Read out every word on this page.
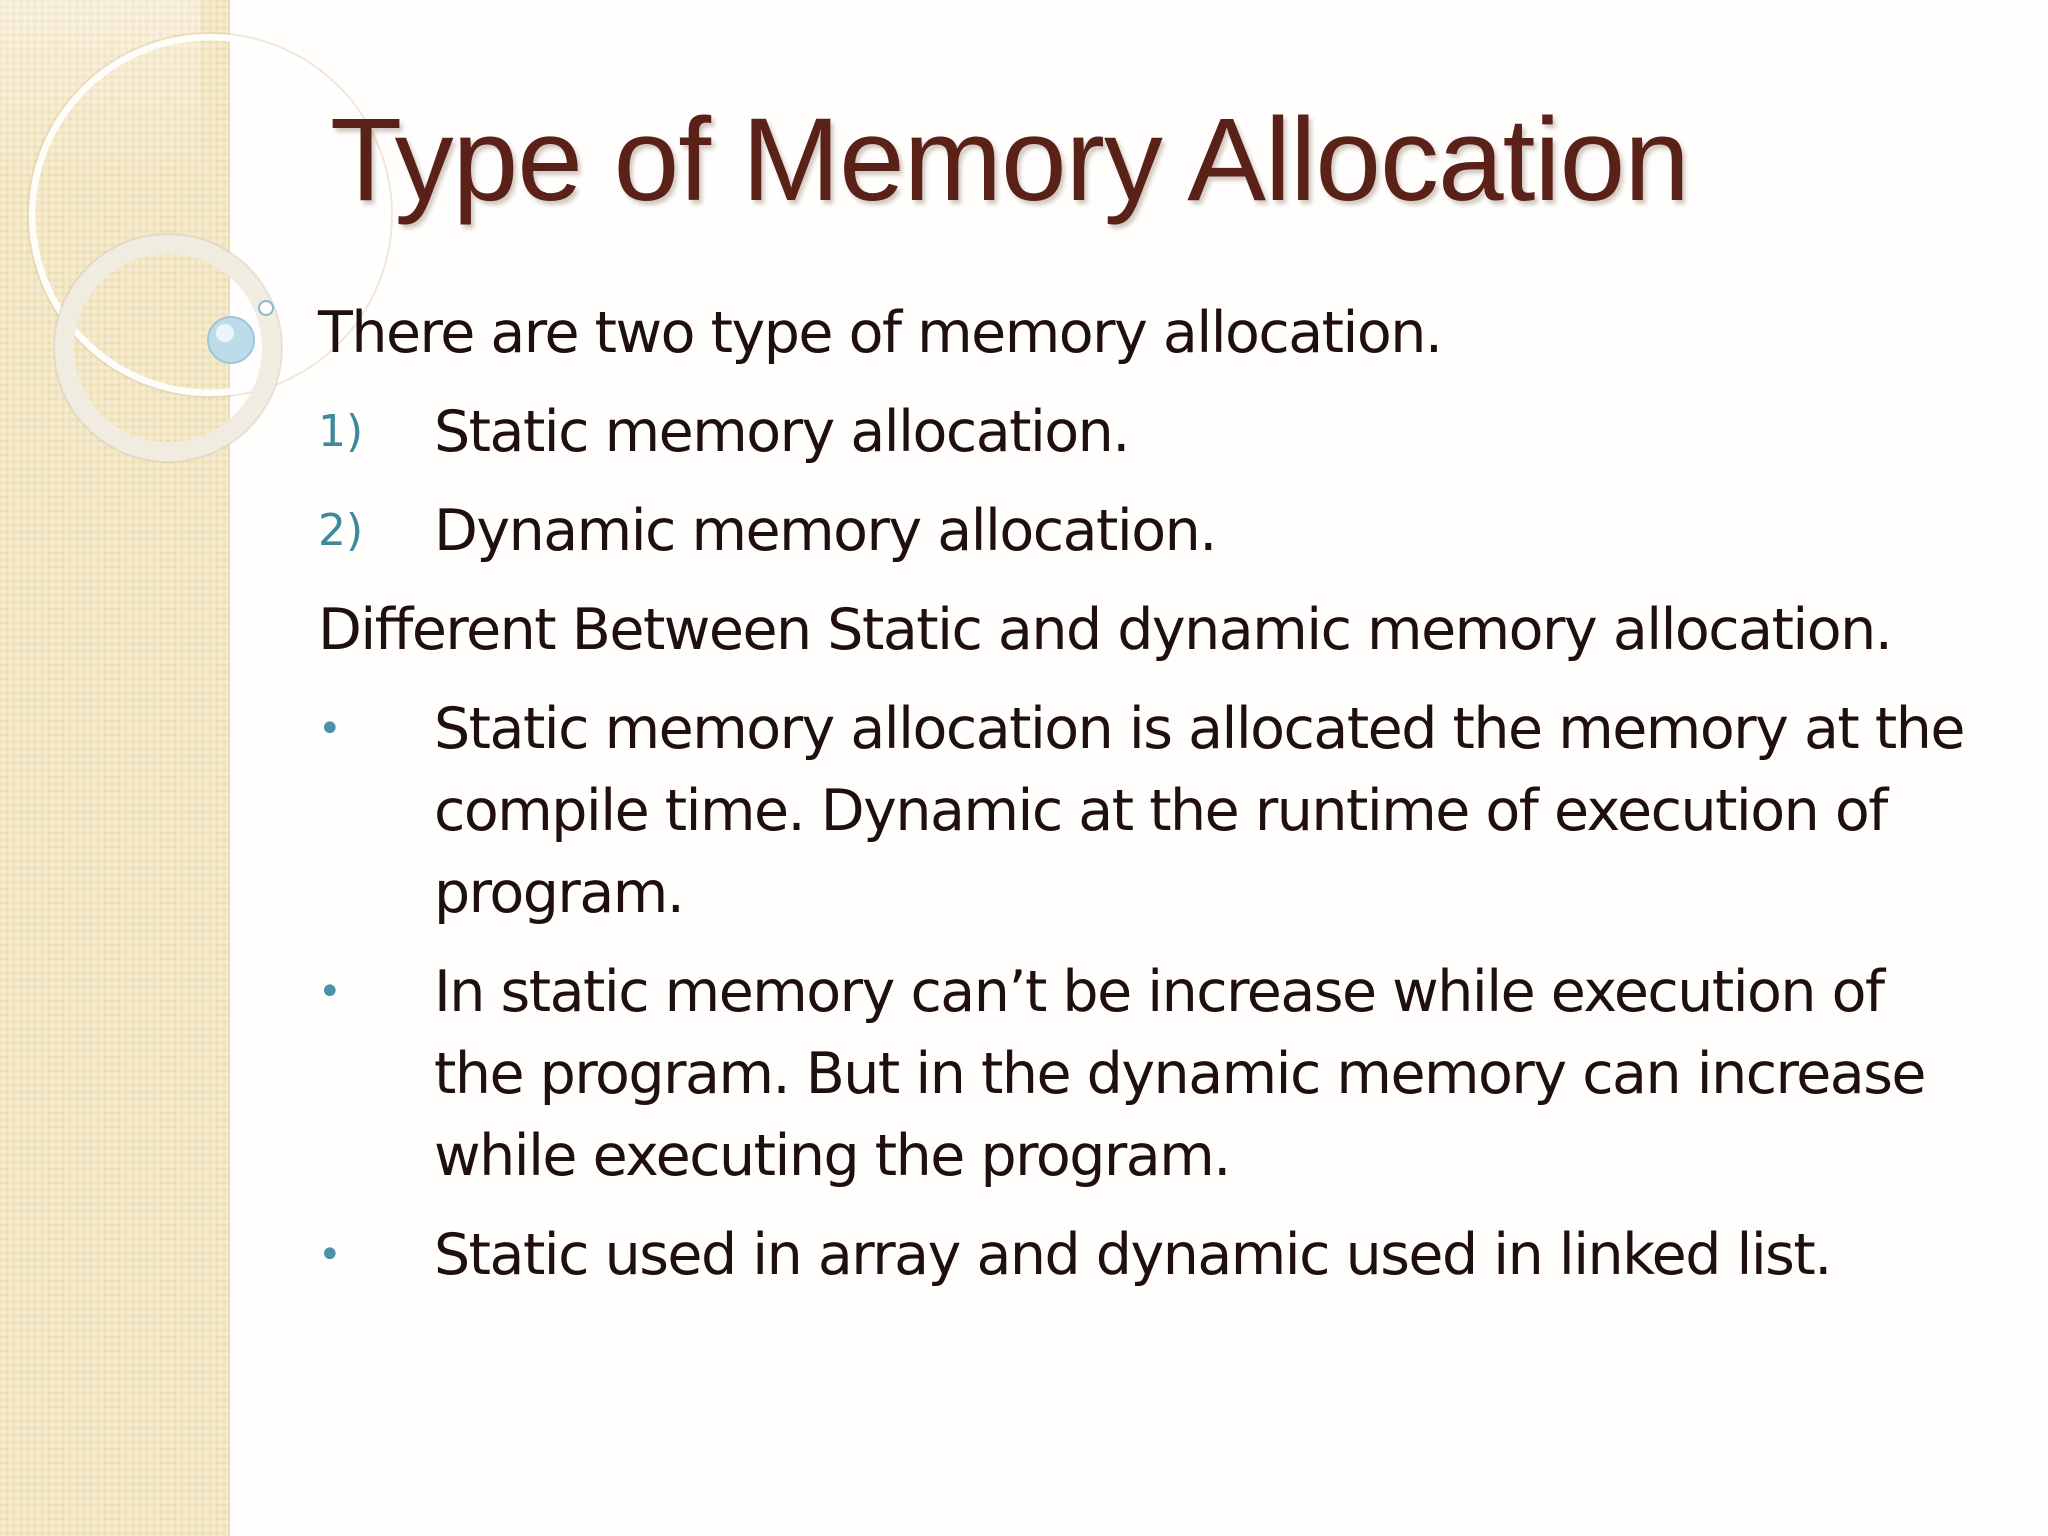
Type of Memory Allocation

There are two type of memory allocation.

1) Static memory allocation.
2) Dynamic memory allocation.

Different Between Static and dynamic memory allocation.

• Static memory allocation is allocated the memory at the compile time. Dynamic at the runtime of execution of program.
• In static memory can’t be increase while execution of the program. But in the dynamic memory can increase while executing the program.
• Static used in array and dynamic used in linked list.
